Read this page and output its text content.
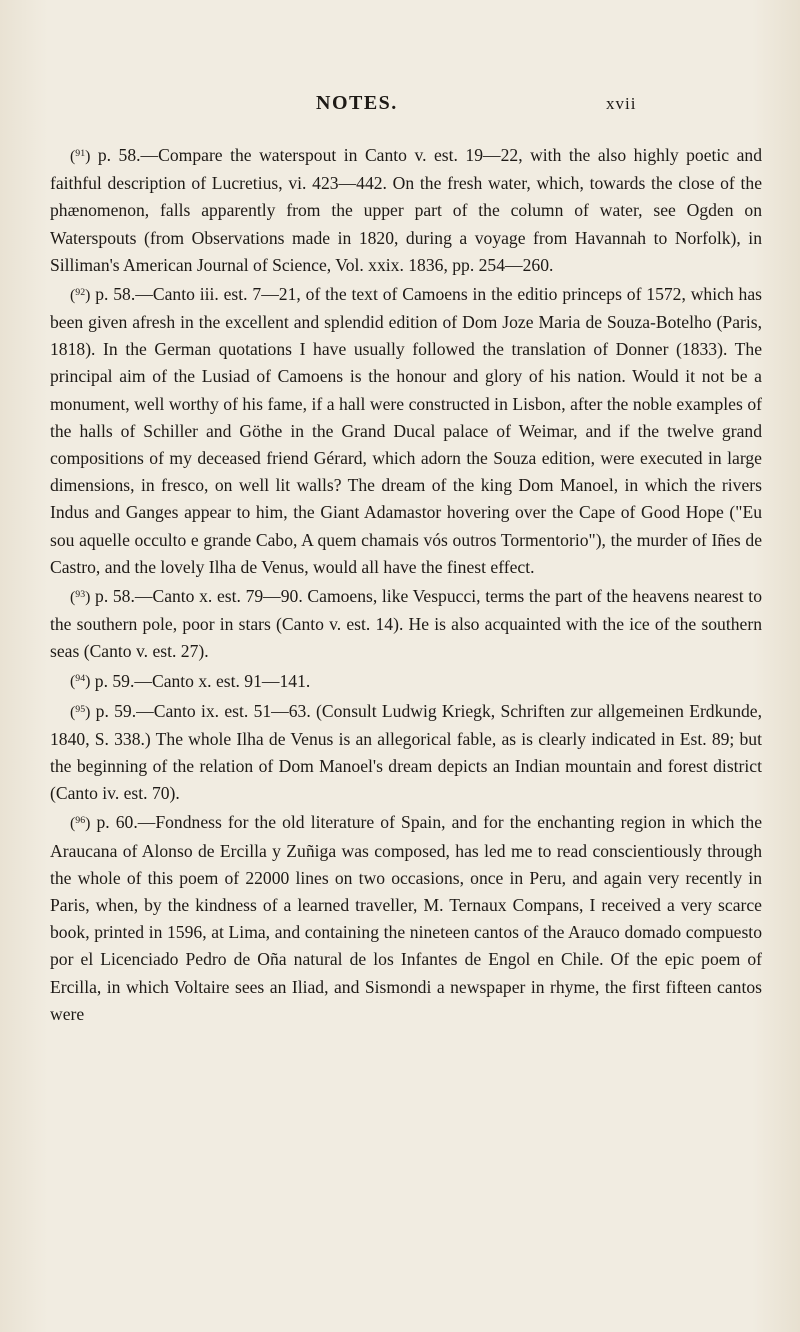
NOTES.	xvii

($^{91}$) p. 58.—Compare the waterspout in Canto v. est. 19—22, with the also highly poetic and faithful description of Lucretius, vi. 423—442. On the fresh water, which, towards the close of the phænomenon, falls apparently from the upper part of the column of water, see Ogden on Waterspouts (from Observations made in 1820, during a voyage from Havannah to Norfolk), in Silliman's American Journal of Science, Vol. xxix. 1836, pp. 254—260.

($^{92}$) p. 58.—Canto iii. est. 7—21, of the text of Camoens in the editio princeps of 1572, which has been given afresh in the excellent and splendid edition of Dom Joze Maria de Souza-Botelho (Paris, 1818). In the German quotations I have usually followed the translation of Donner (1833). The principal aim of the Lusiad of Camoens is the honour and glory of his nation. Would it not be a monument, well worthy of his fame, if a hall were constructed in Lisbon, after the noble examples of the halls of Schiller and Göthe in the Grand Ducal palace of Weimar, and if the twelve grand compositions of my deceased friend Gérard, which adorn the Souza edition, were executed in large dimensions, in fresco, on well lit walls? The dream of the king Dom Manoel, in which the rivers Indus and Ganges appear to him, the Giant Adamastor hovering over the Cape of Good Hope ("Eu sou aquelle occulto e grande Cabo, A quem chamais vós outros Tormentorio"), the murder of Iñes de Castro, and the lovely Ilha de Venus, would all have the finest effect.

($^{93}$) p. 58.—Canto x. est. 79—90. Camoens, like Vespucci, terms the part of the heavens nearest to the southern pole, poor in stars (Canto v. est. 14). He is also acquainted with the ice of the southern seas (Canto v. est. 27).

($^{94}$) p. 59.—Canto x. est. 91—141.

($^{95}$) p. 59.—Canto ix. est. 51—63. (Consult Ludwig Kriegk, Schriften zur allgemeinen Erdkunde, 1840, S. 338.) The whole Ilha de Venus is an allegorical fable, as is clearly indicated in Est. 89; but the beginning of the relation of Dom Manoel's dream depicts an Indian mountain and forest district (Canto iv. est. 70).

($^{96}$) p. 60.—Fondness for the old literature of Spain, and for the enchanting region in which the Araucana of Alonso de Ercilla y Zuñiga was composed, has led me to read conscientiously through the whole of this poem of 22000 lines on two occasions, once in Peru, and again very recently in Paris, when, by the kindness of a learned traveller, M. Ternaux Compans, I received a very scarce book, printed in 1596, at Lima, and containing the nineteen cantos of the Arauco domado compuesto por el Licenciado Pedro de Oña natural de los Infantes de Engol en Chile. Of the epic poem of Ercilla, in which Voltaire sees an Iliad, and Sismondi a newspaper in rhyme, the first fifteen cantos were
